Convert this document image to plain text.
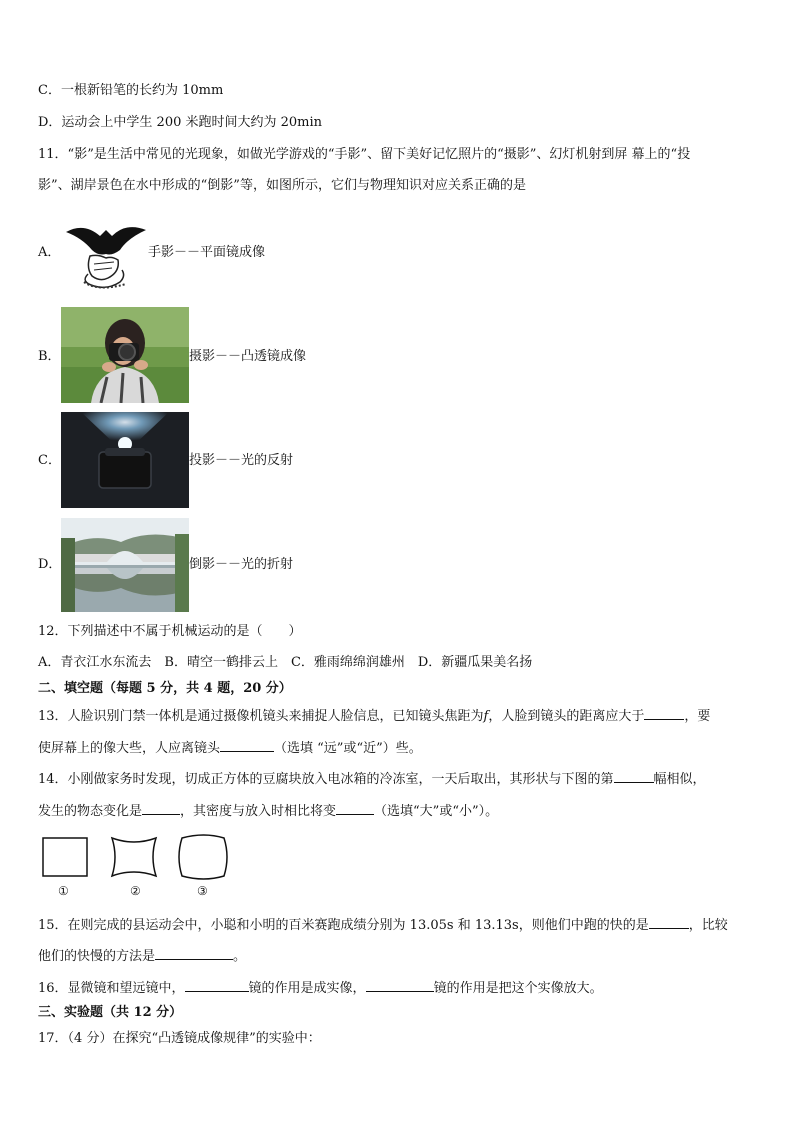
C．一根新铅笔的长约为 10mm
D．运动会上中学生 200 米跑时间大约为 20min
11．“影”是生活中常见的光现象，如做光学游戏的“手影”、留下美好记忆照片的“摄影”、幻灯机射到屏 幕上的“投
影”、湖岸景色在水中形成的“倒影”等，如图所示，它们与物理知识对应关系正确的是
A．	手影－－平面镜成像
B．	摄影－－凸透镜成像
C．	投影－－光的反射
D．	倒影－－光的折射
12．下列描述中不属于机械运动的是（　　）
A．青衣江水东流去　B．晴空一鹤排云上　C．雅雨绵绵润雄州　D．新疆瓜果美名扬
二、填空题（每题 5 分，共 4 题，20 分）
13．人脸识别门禁一体机是通过摄像机镜头来捕捉人脸信息，已知镜头焦距为f，人脸到镜头的距离应大于	，要
使屏幕上的像大些，人应离镜头	（选填 “远”或“近”）些。
14．小刚做家务时发现，切成正方体的豆腐块放入电冰箱的冷冻室，一天后取出，其形状与下图的第	幅相似，
发生的物态变化是	，其密度与放入时相比将变	（选填“大”或“小”）。
①	②	③
15．在则完成的县运动会中，小聪和小明的百米赛跑成绩分别为 13.05s 和 13.13s，则他们中跑的快的是	，比较
他们的快慢的方法是	。
16．显微镜和望远镜中，	镜的作用是成实像，	镜的作用是把这个实像放大。
三、实验题（共 12 分）
17．（4 分）在探究“凸透镜成像规律”的实验中：
